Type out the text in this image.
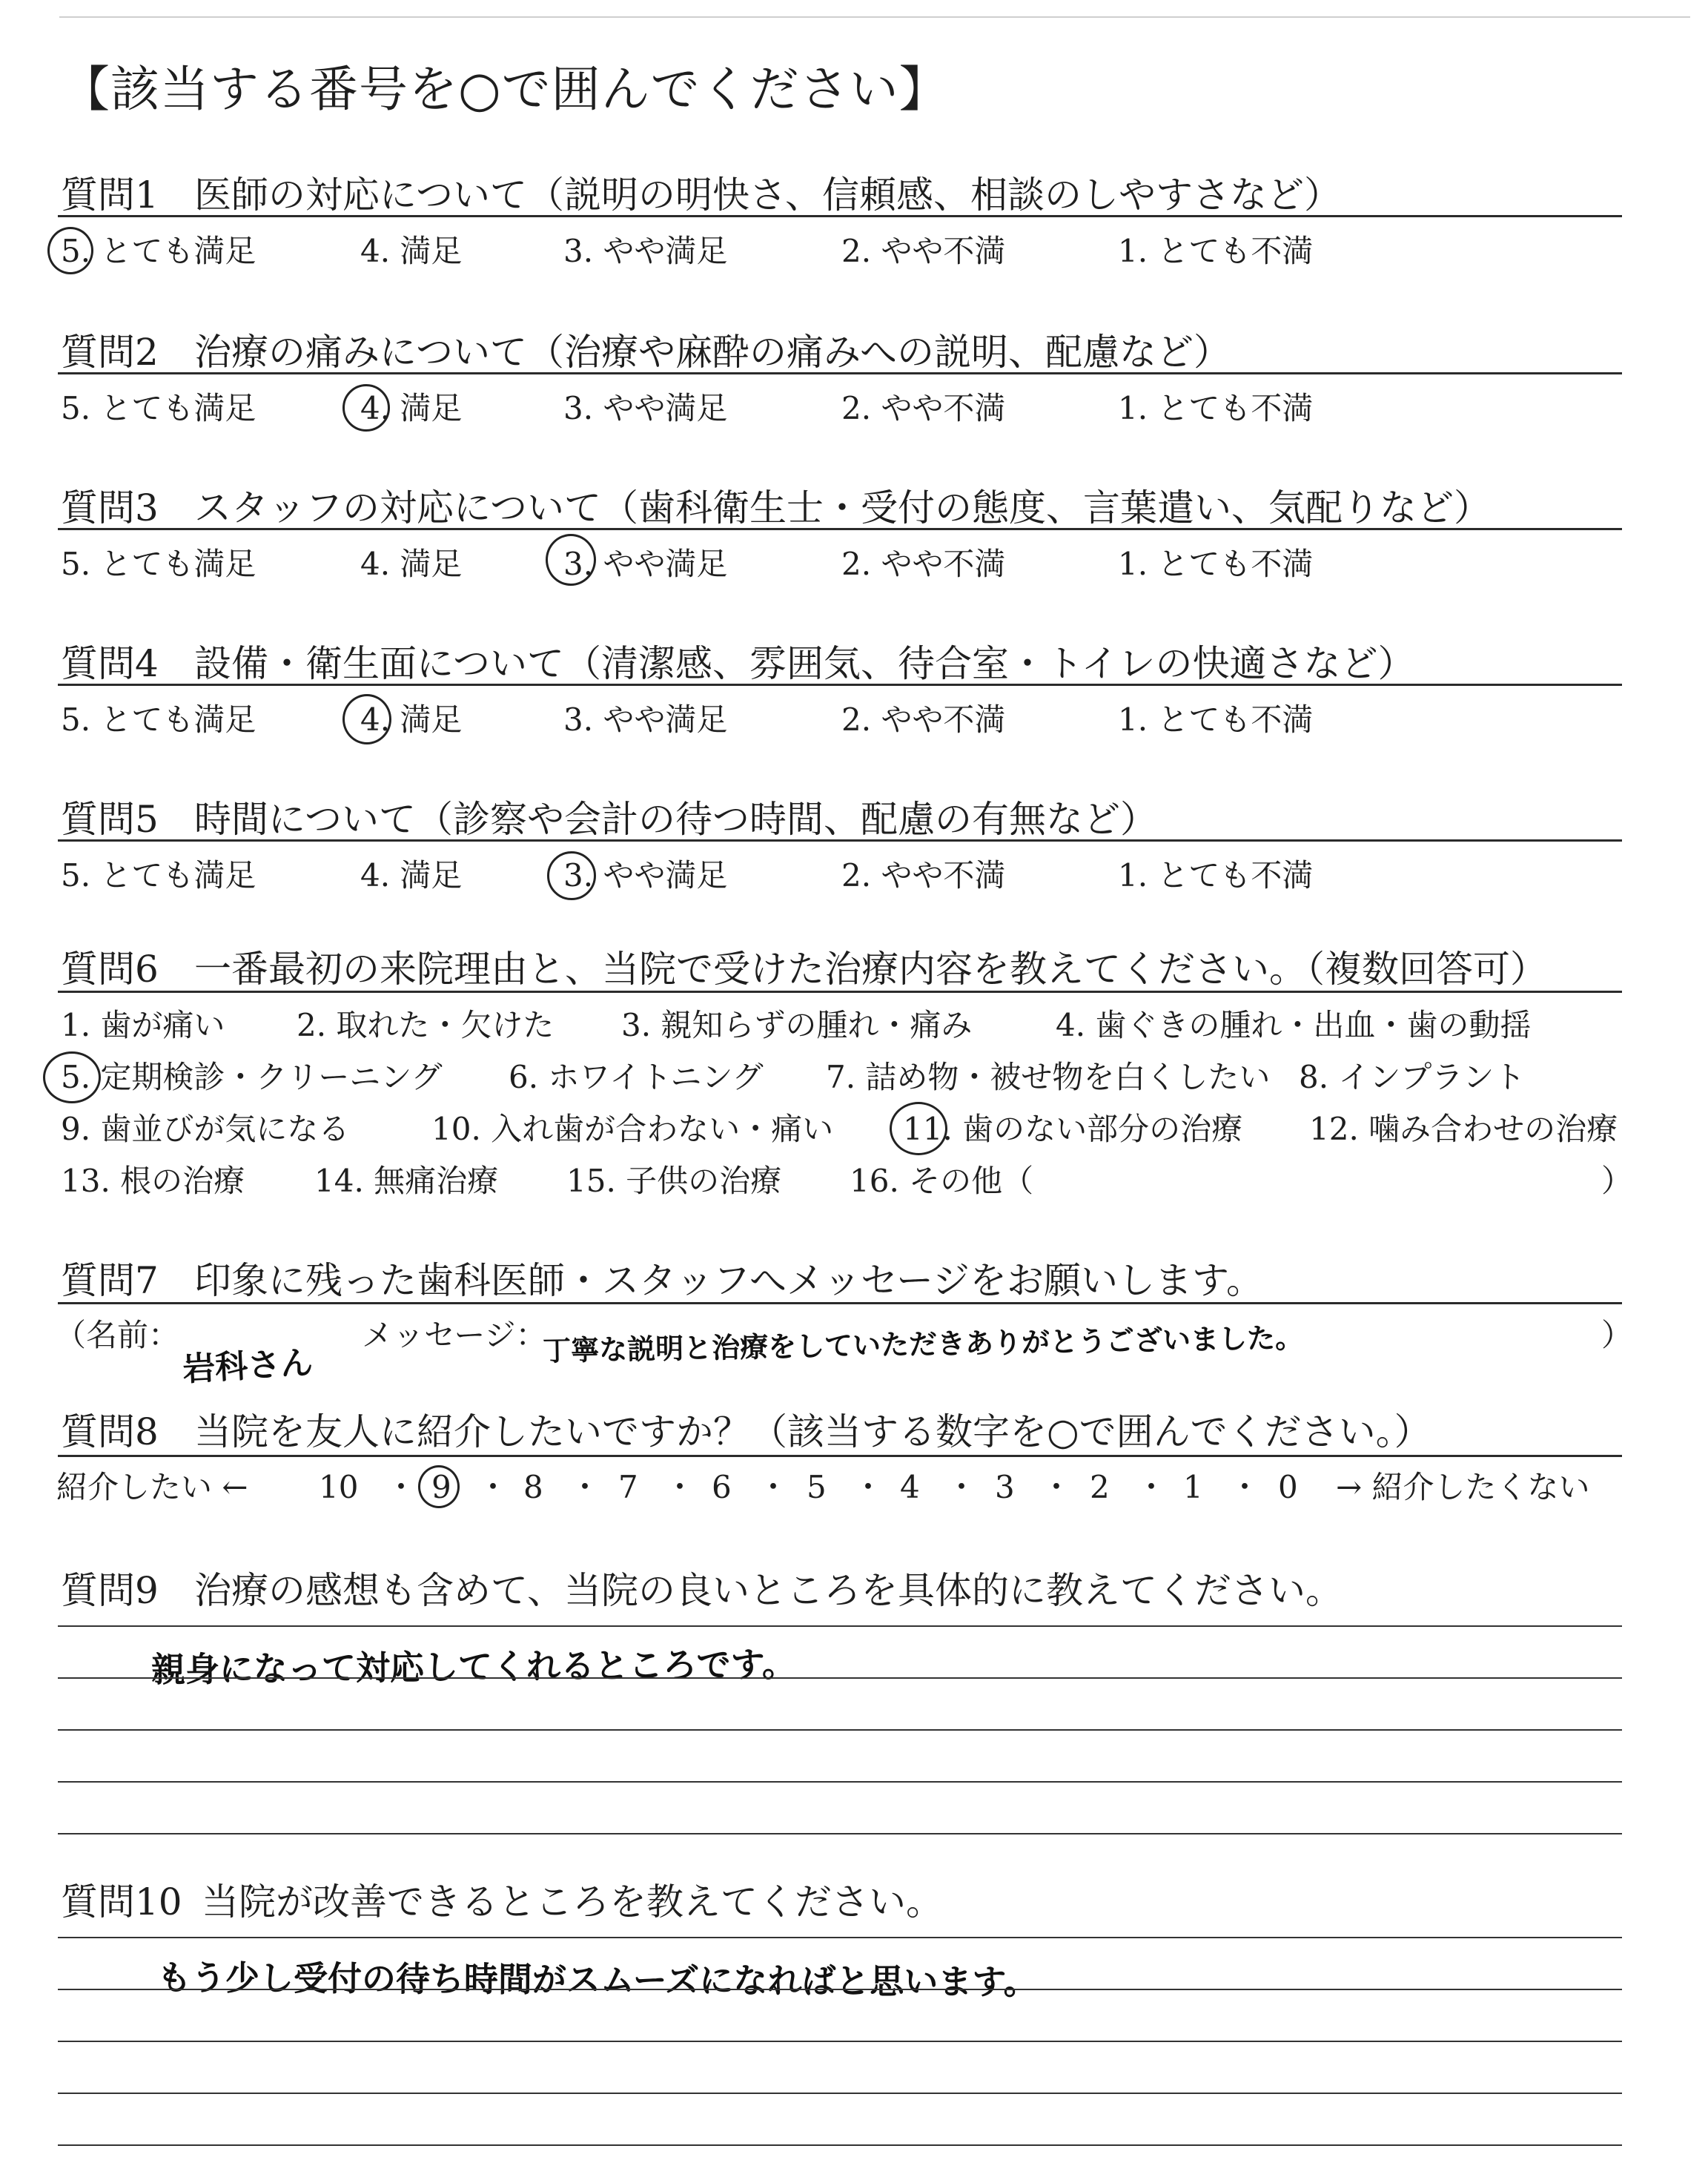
【該当する番号を○で囲んでください】
質問1 医師の対応について（説明の明快さ、信頼感、相談のしやすさなど）
5. とても満足	4. 満足	3. やや満足	2. やや不満	1. とても不満
質問2 治療の痛みについて（治療や麻酔の痛みへの説明、配慮など）
5. とても満足	4. 満足	3. やや満足	2. やや不満	1. とても不満
質問3 スタッフの対応について（歯科衛生士・受付の態度、言葉遣い、気配りなど）
5. とても満足	4. 満足	3. やや満足	2. やや不満	1. とても不満
質問4 設備・衛生面について（清潔感、雰囲気、待合室・トイレの快適さなど）
5. とても満足	4. 満足	3. やや満足	2. やや不満	1. とても不満
質問5 時間について（診察や会計の待つ時間、配慮の有無など）
5. とても満足	4. 満足	3. やや満足	2. やや不満	1. とても不満
質問6 一番最初の来院理由と、当院で受けた治療内容を教えてください。（複数回答可）
1. 歯が痛い 2. 取れた・欠けた 3. 親知らずの腫れ・痛み	4. 歯ぐきの腫れ・出血・歯の動揺
5. 定期検診・クリーニング 6. ホワイトニング 7. 詰め物・被せ物を白くしたい 8. インプラント
9. 歯並びが気になる	10. 入れ歯が合わない・痛い 11. 歯のない部分の治療 12. 噛み合わせの治療
13. 根の治療 14. 無痛治療 15. 子供の治療 16. その他（	）
質問7 印象に残った歯科医師・スタッフへメッセージをお願いします。
（名前：
岩科さん
メッセージ：
丁寧な説明と治療をしていただきありがとうございました。	）
質問8 当院を友人に紹介したいですか？（該当する数字を○で囲んでください。）
紹介したい ← 10 ・ 9 ・ 8 ・ 7 ・ 6 ・ 5 ・ 4 ・ 3 ・ 2 ・ 1 ・ 0 → 紹介したくない
質問9 治療の感想も含めて、当院の良いところを具体的に教えてください。
親身になって対応してくれるところです。
質問10 当院が改善できるところを教えてください。
もう少し受付の待ち時間がスムーズになればと思います。
